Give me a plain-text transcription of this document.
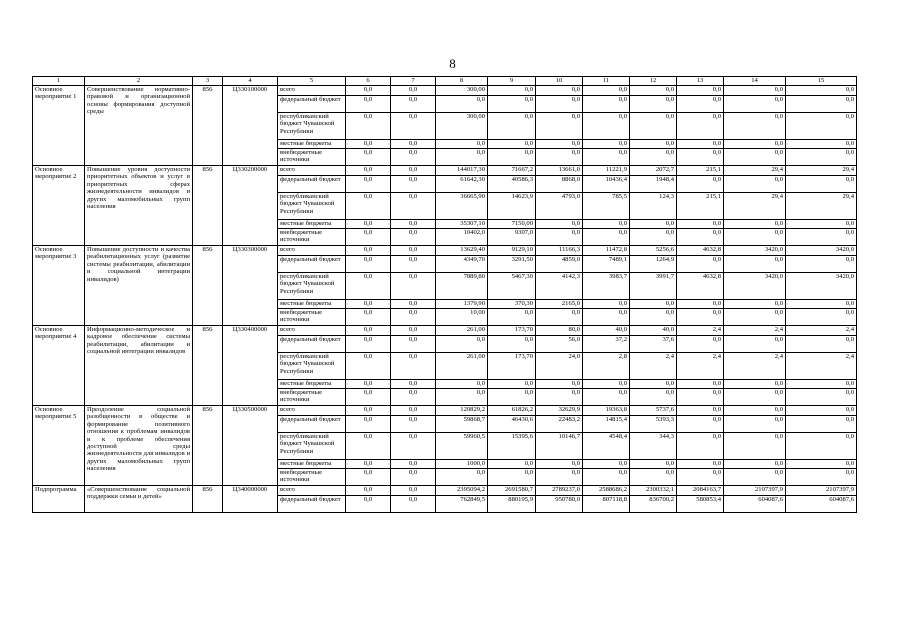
8
1	2	3	4	5	6	7	8	9	10	11	12	13	14	15
Основное мероприятие 1	Совершенствование нормативно-правовой и организационной основы формирования доступной среды	856	Ц330100000	всего	0,0	0,0	300,00	0,0	0,0	0,0	0,0	0,0	0,0	0,0
				федеральный бюджет	0,0	0,0	0,0	0,0	0,0	0,0	0,0	0,0	0,0	0,0
				республиканский бюджет Чувашской Республики	0,0	0,0	300,00	0,0	0,0	0,0	0,0	0,0	0,0	0,0
				местные бюджеты	0,0	0,0	0,0	0,0	0,0	0,0	0,0	0,0	0,0	0,0
				внебюджетные источники	0,0	0,0	0,0	0,0	0,0	0,0	0,0	0,0	0,0	0,0
Основное мероприятие 2	Повышение уровня доступности приоритетных объектов и услуг в приоритетных сферах жизнедеятельности инвалидов и других маломобильных групп населения	856	Ц330200000	всего	0,0	0,0	144017,30	71667,2	13661,0	11221,9	2072,7	215,1	29,4	29,4
				федеральный бюджет	0,0	0,0	61642,30	40586,3	8868,0	10436,4	1948,4	0,0	0,0	0,0
				республиканский бюджет Чувашской Республики	0,0	0,0	36665,90	14623,9	4793,0	785,5	124,3	215,1	29,4	29,4
				местные бюджеты	0,0	0,0	35307,10	7150,00	0,0	0,0	0,0	0,0	0,0	0,0
				внебюджетные источники	0,0	0,0	10402,0	9307,0	0,0	0,0	0,0	0,0	0,0	0,0
Основное мероприятие 3	Повышение доступности и качества реабилитационных услуг (развитие системы реабилитации, абилитации и социальной интеграции инвалидов)	856	Ц330300000	всего	0,0	0,0	13629,40	9129,10	11166,3	11472,8	5256,6	4632,8	3420,0	3420,0
				федеральный бюджет	0,0	0,0	4349,70	3291,50	4859,0	7489,1	1264,9	0,0	0,0	0,0
				республиканский бюджет Чувашской Республики	0,0	0,0	7889,80	5467,30	4142,3	3983,7	3991,7	4632,8	3420,0	3420,0
				местные бюджеты	0,0	0,0	1379,90	370,30	2165,0	0,0	0,0	0,0	0,0	0,0
				внебюджетные источники	0,0	0,0	10,00	0,0	0,0	0,0	0,0	0,0	0,0	0,0
Основное мероприятие 4	Информационно-методическое и кадровое обеспечение системы реабилитации, абилитации и социальной интеграции инвалидов	856	Ц330400000	всего	0,0	0,0	261,00	173,70	80,0	40,0	40,0	2,4	2,4	2,4
				федеральный бюджет	0,0	0,0	0,0	0,0	56,0	37,2	37,6	0,0	0,0	0,0
				республиканский бюджет Чувашской Республики	0,0	0,0	261,00	173,70	24,0	2,8	2,4	2,4	2,4	2,4
				местные бюджеты	0,0	0,0	0,0	0,0	0,0	0,0	0,0	0,0	0,0	0,0
				внебюджетные источники	0,0	0,0	0,0	0,0	0,0	0,0	0,0	0,0	0,0	0,0
Основное мероприятие 5	Преодоление социальной разобщенности в обществе и формирование позитивного отношения к проблемам инвалидов и к проблеме обеспечения доступной среды жизнедеятельности для инвалидов и других маломобильных групп населения	856	Ц330500000	всего	0,0	0,0	120829,2	61826,2	32629,9	19363,8	5737,6	0,0	0,0	0,0
				федеральный бюджет	0,0	0,0	59868,7	46430,6	22483,2	14815,4	5393,3	0,0	0,0	0,0
				республиканский бюджет Чувашской Республики	0,0	0,0	59960,5	15395,6	10146,7	4548,4	344,3	0,0	0,0	0,0
				местные бюджеты	0,0	0,0	1000,0	0,0	0,0	0,0	0,0	0,0	0,0	0,0
				внебюджетные источники	0,0	0,0	0,0	0,0	0,0	0,0	0,0	0,0	0,0	0,0
Подпрограмма	«Совершенствование социальной поддержки семьи и детей»	856	Ц340000000	всего	0,0	0,0	2395094,2	2691580,7	2789237,0	2588686,2	2300332,1	2084163,7	2107397,9	2107397,9
				федеральный бюджет	0,0	0,0	762849,5	880195,9	950780,0	807118,8	836700,2	580853,4	604087,6	604087,6
